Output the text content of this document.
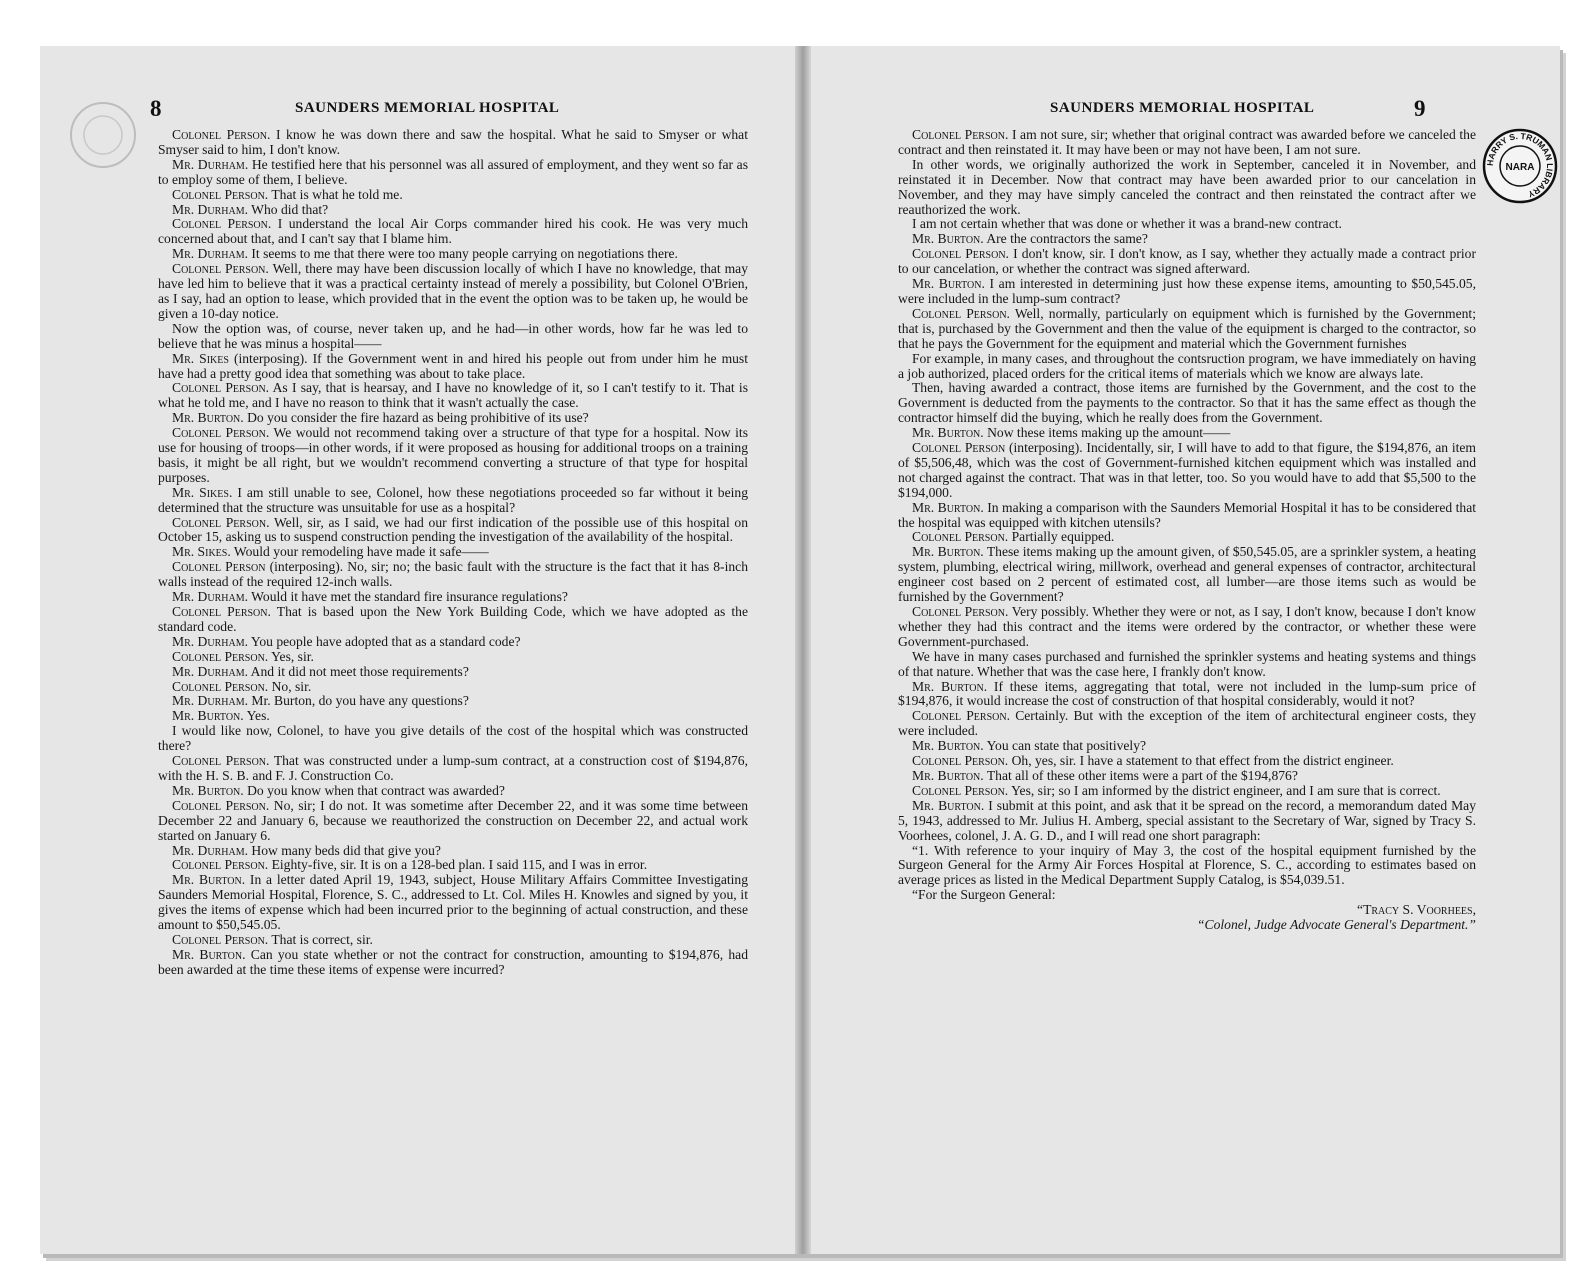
8	SAUNDERS MEMORIAL HOSPITAL

Colonel Person. I know he was down there and saw the hospital. What he said to Smyser or what Smyser said to him, I don't know.

Mr. Durham. He testified here that his personnel was all assured of employment, and they went so far as to employ some of them, I believe.

Colonel Person. That is what he told me.

Mr. Durham. Who did that?

Colonel Person. I understand the local Air Corps commander hired his cook. He was very much concerned about that, and I can't say that I blame him.

Mr. Durham. It seems to me that there were too many people carrying on negotiations there.

Colonel Person. Well, there may have been discussion locally of which I have no knowledge, that may have led him to believe that it was a practical certainty instead of merely a possibility, but Colonel O'Brien, as I say, had an option to lease, which provided that in the event the option was to be taken up, he would be given a 10-day notice.

Now the option was, of course, never taken up, and he had—in other words, how far he was led to believe that he was minus a hospital——

Mr. Sikes (interposing). If the Government went in and hired his people out from under him he must have had a pretty good idea that something was about to take place.

Colonel Person. As I say, that is hearsay, and I have no knowledge of it, so I can't testify to it. That is what he told me, and I have no reason to think that it wasn't actually the case.

Mr. Burton. Do you consider the fire hazard as being prohibitive of its use?

Colonel Person. We would not recommend taking over a structure of that type for a hospital. Now its use for housing of troops—in other words, if it were proposed as housing for additional troops on a training basis, it might be all right, but we wouldn't recommend converting a structure of that type for hospital purposes.

Mr. Sikes. I am still unable to see, Colonel, how these negotiations proceeded so far without it being determined that the structure was unsuitable for use as a hospital?

Colonel Person. Well, sir, as I said, we had our first indication of the possible use of this hospital on October 15, asking us to suspend construction pending the investigation of the availability of the hospital.

Mr. Sikes. Would your remodeling have made it safe——

Colonel Person (interposing). No, sir; no; the basic fault with the structure is the fact that it has 8-inch walls instead of the required 12-inch walls.

Mr. Durham. Would it have met the standard fire insurance regulations?

Colonel Person. That is based upon the New York Building Code, which we have adopted as the standard code.

Mr. Durham. You people have adopted that as a standard code?

Colonel Person. Yes, sir.

Mr. Durham. And it did not meet those requirements?

Colonel Person. No, sir.

Mr. Durham. Mr. Burton, do you have any questions?

Mr. Burton. Yes.

I would like now, Colonel, to have you give details of the cost of the hospital which was constructed there?

Colonel Person. That was constructed under a lump-sum contract, at a construction cost of $194,876, with the H. S. B. and F. J. Construction Co.

Mr. Burton. Do you know when that contract was awarded?

Colonel Person. No, sir; I do not. It was sometime after December 22, and it was some time between December 22 and January 6, because we reauthorized the construction on December 22, and actual work started on January 6.

Mr. Durham. How many beds did that give you?

Colonel Person. Eighty-five, sir. It is on a 128-bed plan. I said 115, and I was in error.

Mr. Burton. In a letter dated April 19, 1943, subject, House Military Affairs Committee Investigating Saunders Memorial Hospital, Florence, S. C., addressed to Lt. Col. Miles H. Knowles and signed by you, it gives the items of expense which had been incurred prior to the beginning of actual construction, and these amount to $50,545.05.

Colonel Person. That is correct, sir.

Mr. Burton. Can you state whether or not the contract for construction, amounting to $194,876, had been awarded at the time these items of expense were incurred?

SAUNDERS MEMORIAL HOSPITAL	9
HARRY S. TRUMAN LIBRARY
NARA

Colonel Person. I am not sure, sir; whether that original contract was awarded before we canceled the contract and then reinstated it. It may have been or may not have been, I am not sure.

In other words, we originally authorized the work in September, canceled it in November, and reinstated it in December. Now that contract may have been awarded prior to our cancelation in November, and they may have simply canceled the contract and then reinstated the contract after we reauthorized the work.

I am not certain whether that was done or whether it was a brand-new contract.

Mr. Burton. Are the contractors the same?

Colonel Person. I don't know, sir. I don't know, as I say, whether they actually made a contract prior to our cancelation, or whether the contract was signed afterward.

Mr. Burton. I am interested in determining just how these expense items, amounting to $50,545.05, were included in the lump-sum contract?

Colonel Person. Well, normally, particularly on equipment which is furnished by the Government; that is, purchased by the Government and then the value of the equipment is charged to the contractor, so that he pays the Government for the equipment and material which the Government furnishes

For example, in many cases, and throughout the contsruction program, we have immediately on having a job authorized, placed orders for the critical items of materials which we know are always late.

Then, having awarded a contract, those items are furnished by the Government, and the cost to the Government is deducted from the payments to the contractor. So that it has the same effect as though the contractor himself did the buying, which he really does from the Government.

Mr. Burton. Now these items making up the amount——

Colonel Person (interposing). Incidentally, sir, I will have to add to that figure, the $194,876, an item of $5,506,48, which was the cost of Government-furnished kitchen equipment which was installed and not charged against the contract. That was in that letter, too. So you would have to add that $5,500 to the $194,000.

Mr. Burton. In making a comparison with the Saunders Memorial Hospital it has to be considered that the hospital was equipped with kitchen utensils?

Colonel Person. Partially equipped.

Mr. Burton. These items making up the amount given, of $50,545.05, are a sprinkler system, a heating system, plumbing, electrical wiring, millwork, overhead and general expenses of contractor, architectural engineer cost based on 2 percent of estimated cost, all lumber—are those items such as would be furnished by the Government?

Colonel Person. Very possibly. Whether they were or not, as I say, I don't know, because I don't know whether they had this contract and the items were ordered by the contractor, or whether these were Government-purchased.

We have in many cases purchased and furnished the sprinkler systems and heating systems and things of that nature. Whether that was the case here, I frankly don't know.

Mr. Burton. If these items, aggregating that total, were not included in the lump-sum price of $194,876, it would increase the cost of construction of that hospital considerably, would it not?

Colonel Person. Certainly. But with the exception of the item of architectural engineer costs, they were included.

Mr. Burton. You can state that positively?

Colonel Person. Oh, yes, sir. I have a statement to that effect from the district engineer.

Mr. Burton. That all of these other items were a part of the $194,876?

Colonel Person. Yes, sir; so I am informed by the district engineer, and I am sure that is correct.

Mr. Burton. I submit at this point, and ask that it be spread on the record, a memorandum dated May 5, 1943, addressed to Mr. Julius H. Amberg, special assistant to the Secretary of War, signed by Tracy S. Voorhees, colonel, J. A. G. D., and I will read one short paragraph:

“1. With reference to your inquiry of May 3, the cost of the hospital equipment furnished by the Surgeon General for the Army Air Forces Hospital at Florence, S. C., according to estimates based on average prices as listed in the Medical Department Supply Catalog, is $54,039.51.

“For the Surgeon General:

“Tracy S. Voorhees,

“Colonel, Judge Advocate General's Department.”
